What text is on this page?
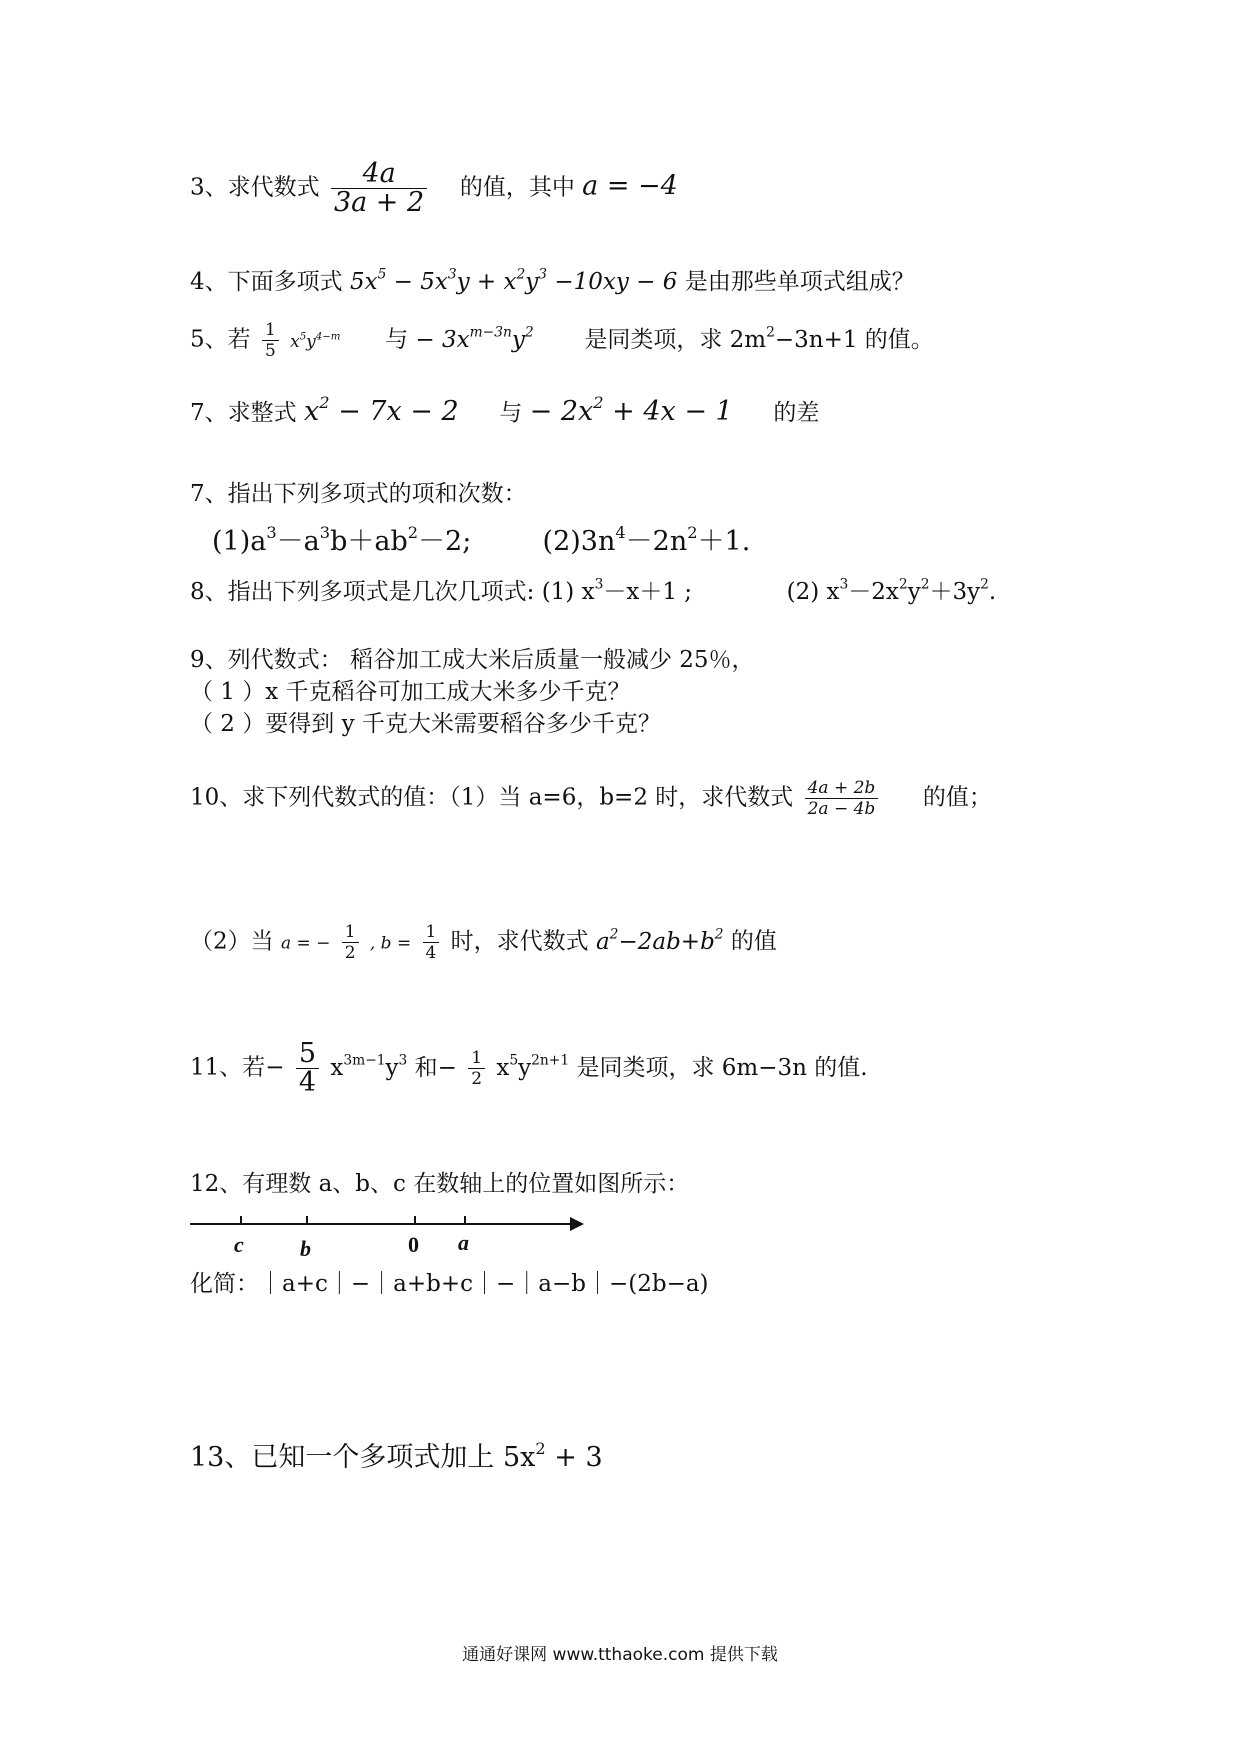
3、求代数式 $\frac{4a}{3a + 2}$ 的值，其中 a = −4
4、下面多项式 $5x^5 - 5x^3y + x^2y^3 -10xy - 6$ 是由那些单项式组成？
5、若 $\frac{1}{5} x^5y^{4-m}$ 与 − $3x^{m-3n}y^2$ 是同类项，求 $2m^2-3n+1$ 的值。
7、求整式 $x^2 - 7x - 2$ 与 − $2x^2 + 4x - 1$ 的差
7、指出下列多项式的项和次数：
$(1)a^3-a^3b+ab^2-2$;	$(2)3n^4-2n^2+1$.
8、指出下列多项式是几次几项式: (1) $x^3-x+1$ ;	(2) $x^3-2x^2y^2+3y^2$.
9、列代数式： 稻谷加工成大米后质量一般减少 25％，
（ 1 ）x 千克稻谷可加工成大米多少千克？
（ 2 ）要得到 y 千克大米需要稻谷多少千克？
10、求下列代数式的值：（1）当 a=6，b=2 时，求代数式 $\frac{4a + 2b}{2a - 4b}$ 的值；
（2）当 a = − $\frac{1}{2}$ , $b = \frac{1}{4}$ 时，求代数式 $a^2-2ab+b^2$ 的值
11、若− $\frac{5}{4} x^{3m-1}y^3$ 和− $\frac{1}{2} x^5y^{2n+1}$ 是同类项，求 6m−3n 的值.
12、有理数 a、b、c 在数轴上的位置如图所示：
c	b	0 a
化简：｜a+c｜−｜a+b+c｜−｜a−b｜−(2b−a)
13、已知一个多项式加上 $5x^2 + 3$
通通好课网 www.tthaoke.com 提供下载
